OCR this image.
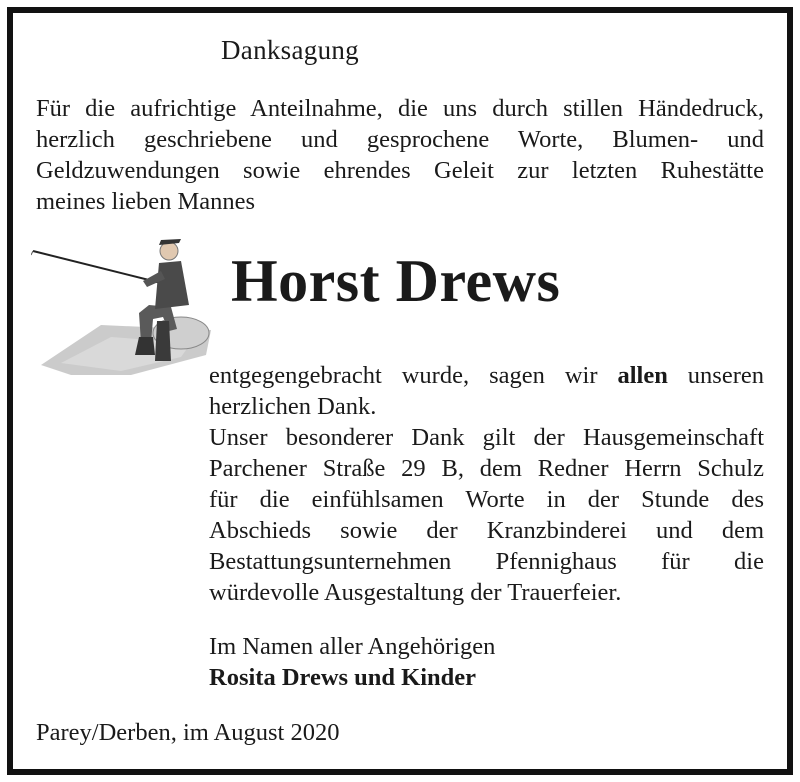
Danksagung
Für die aufrichtige Anteilnahme, die uns durch stillen Händedruck,
herzlich geschriebene und gesprochene Worte, Blumen- und
Geldzuwendungen sowie ehrendes Geleit zur letzten Ruhestätte
meines lieben Mannes
Horst Drews
entgegengebracht wurde, sagen wir allen unseren
herzlichen Dank.
Unser besonderer Dank gilt der Hausgemeinschaft
Parchener Straße 29 B, dem Redner Herrn Schulz
für die einfühlsamen Worte in der Stunde des
Abschieds sowie der Kranzbinderei und dem
Bestattungsunternehmen Pfennighaus für die
würdevolle Ausgestaltung der Trauerfeier.
Im Namen aller Angehörigen
Rosita Drews und Kinder
Parey/Derben, im August 2020
